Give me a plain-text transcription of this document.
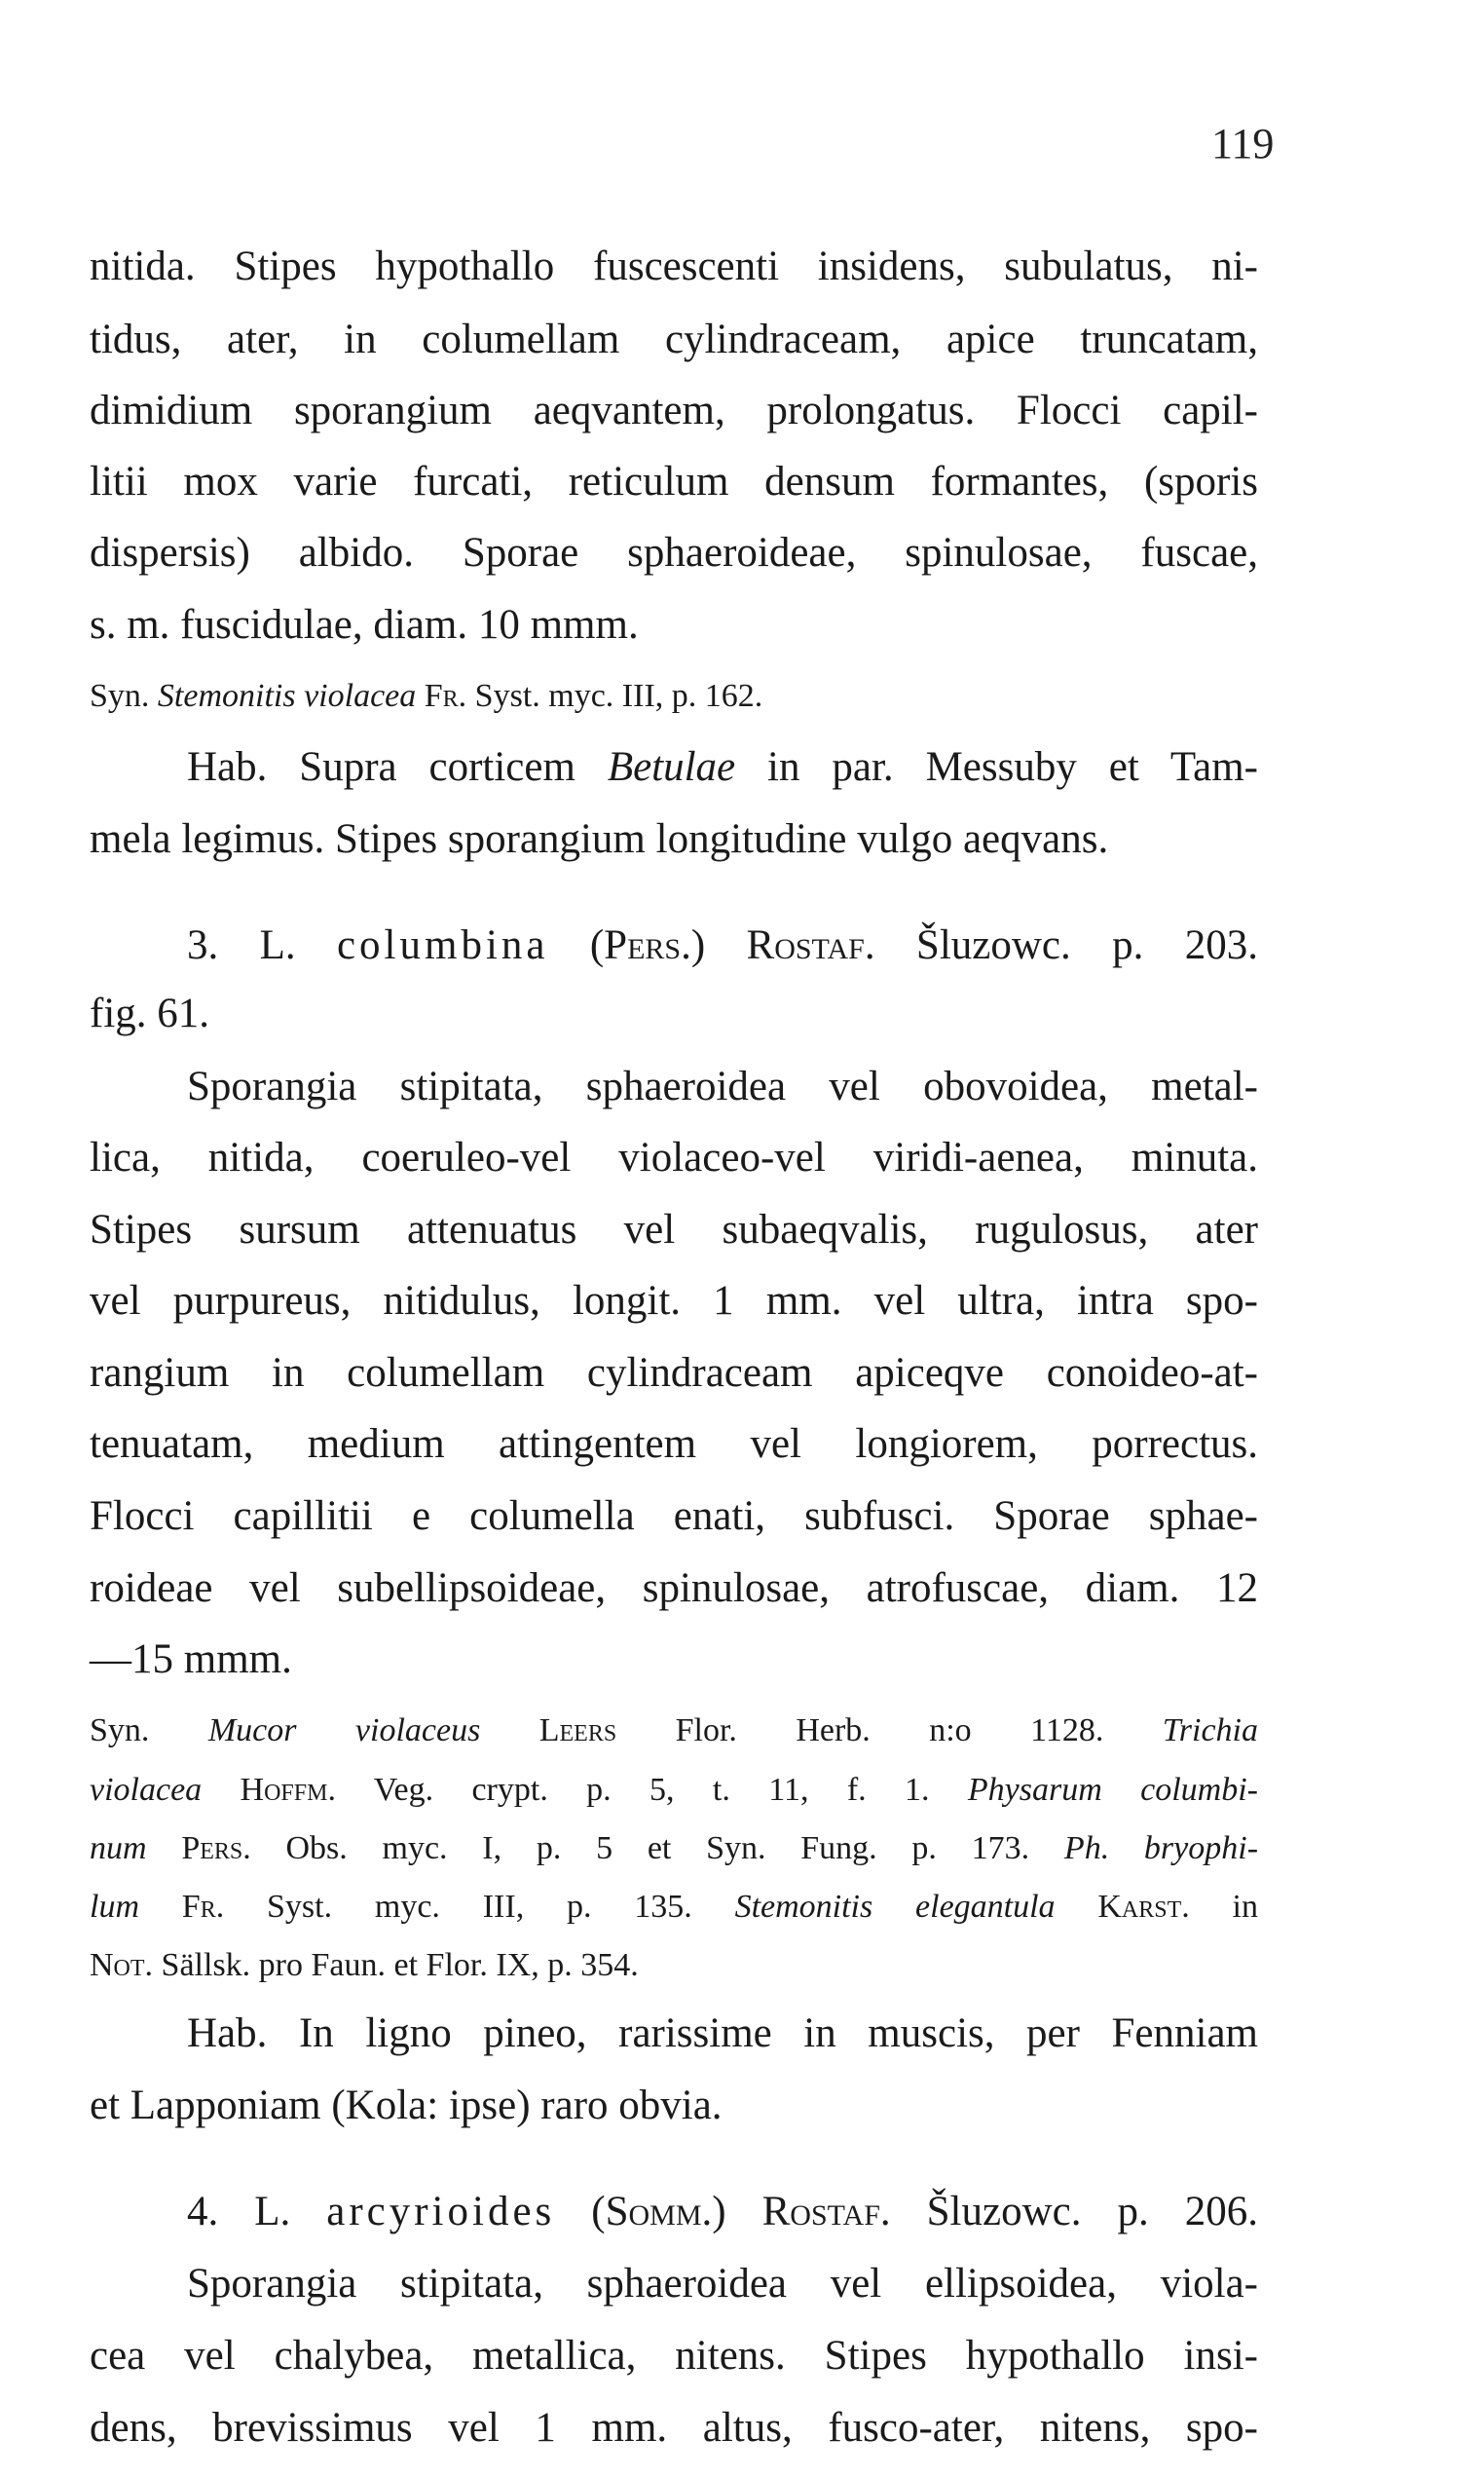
119
nitida. Stipes hypothallo fuscescenti insidens, subulatus, ni-
tidus, ater, in columellam cylindraceam, apice truncatam,
dimidium sporangium aeqvantem, prolongatus. Flocci capil-
litii mox varie furcati, reticulum densum formantes, (sporis
dispersis) albido. Sporae sphaeroideae, spinulosae, fuscae,
s. m. fuscidulae, diam. 10 mmm.
Syn. Stemonitis violacea Fr. Syst. myc. III, p. 162.
Hab. Supra corticem Betulae in par. Messuby et Tam-
mela legimus. Stipes sporangium longitudine vulgo aeqvans.
3. L. columbina (Pers.) Rostaf. Šluzowc. p. 203.
fig. 61.
Sporangia stipitata, sphaeroidea vel obovoidea, metal-
lica, nitida, coeruleo-vel violaceo-vel viridi-aenea, minuta.
Stipes sursum attenuatus vel subaeqvalis, rugulosus, ater
vel purpureus, nitidulus, longit. 1 mm. vel ultra, intra spo-
rangium in columellam cylindraceam apiceqve conoideo-at-
tenuatam, medium attingentem vel longiorem, porrectus.
Flocci capillitii e columella enati, subfusci. Sporae sphae-
roideae vel subellipsoideae, spinulosae, atrofuscae, diam. 12
—15 mmm.
Syn. Mucor violaceus Leers Flor. Herb. n:o 1128. Trichia
violacea Hoffm. Veg. crypt. p. 5, t. 11, f. 1. Physarum columbi-
num Pers. Obs. myc. I, p. 5 et Syn. Fung. p. 173. Ph. bryophi-
lum Fr. Syst. myc. III, p. 135. Stemonitis elegantula Karst. in
Not. Sällsk. pro Faun. et Flor. IX, p. 354.
Hab. In ligno pineo, rarissime in muscis, per Fenniam
et Lapponiam (Kola: ipse) raro obvia.
4. L. arcyrioides (Somm.) Rostaf. Šluzowc. p. 206.
Sporangia stipitata, sphaeroidea vel ellipsoidea, viola-
cea vel chalybea, metallica, nitens. Stipes hypothallo insi-
dens, brevissimus vel 1 mm. altus, fusco-ater, nitens, spo-
